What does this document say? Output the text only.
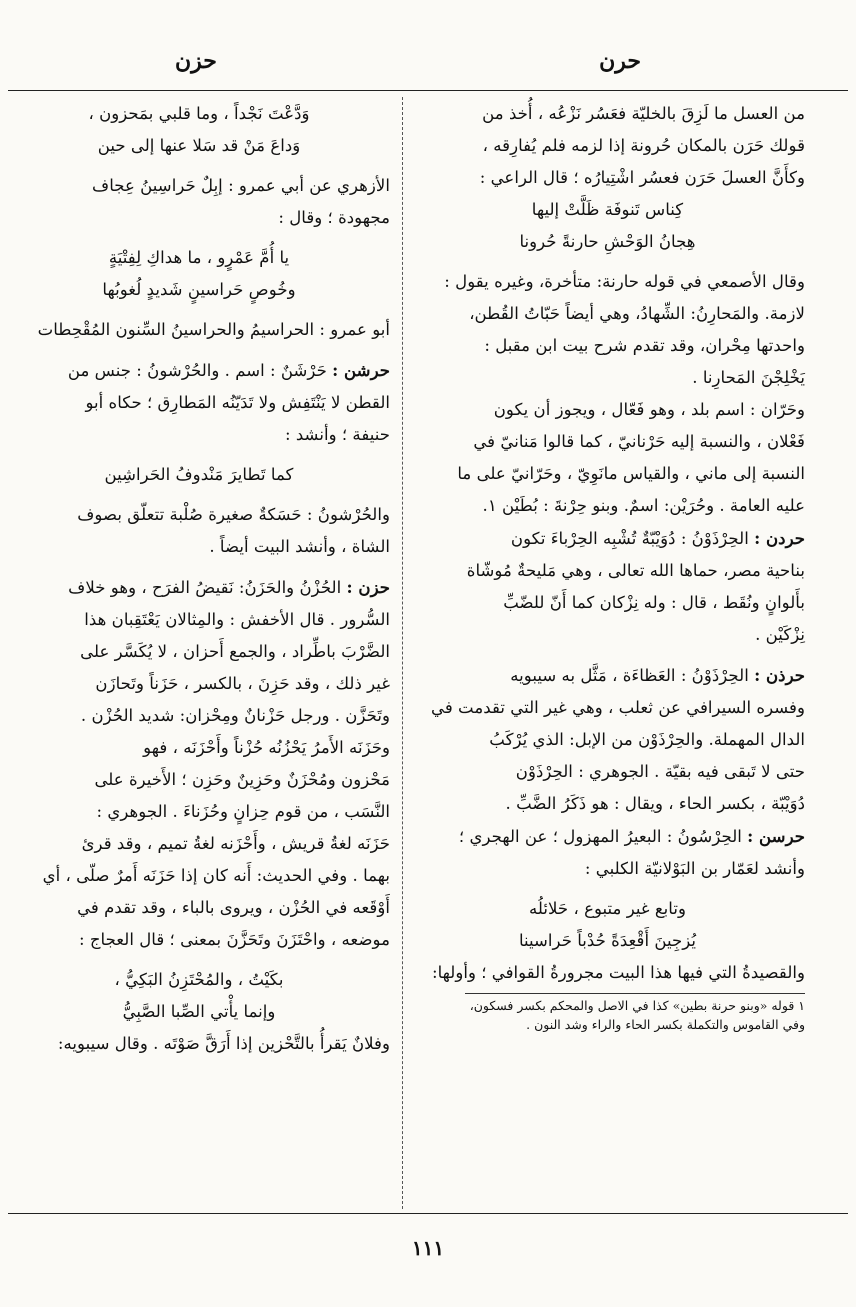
حرن
حزن

من العسل ما لَزِقَ بالخليّة فعَسُر نَزْعُه ، أُخذ من

قولك حَرَن بالمكان حُرونة إذا لزمه فلم يُفارِقه ،

وكأَنَّ العسلَ حَرَن فعسُر اشْتِيارُه ؛ قال الراعي :

كِناس تَنوفَة ظَلَّتْ إليها

هِجانُ الوَحْشِ حارنةً حُرونا

وقال الأصمعي في قوله حارنة: متأخرة، وغيره يقول :

لازمة. والمَحارِنُ: الشِّهادُ، وهي أيضاً حَبّاتُ القُطن،

واحدتها مِحْران، وقد تقدم شرح بيت ابن مقبل :

يَخْلِجْنَ المَحارِنا .

وحَرّان : اسم بلد ، وهو فَعّال ، ويجوز أن يكون

فَعْلان ، والنسبة إليه حَرْنانيّ ، كما قالوا مَنانيّ في

النسبة إلى ماني ، والقياس مانَوِيّ ، وحَرّانيّ على ما

عليه العامة . وحُرَيْن: اسمٌ. وبنو حِرْنةَ : بُطَيْن ١.

حردن : الحِرْذَوْنُ : دُوَيْبّةٌ تُشْبِه الحِرْباءَ تكون

بناحية مصر، حماها الله تعالى ، وهي مَليحةٌ مُوشّاة

بأَلوانٍ ونُقَط ، قال : وله نِزْكان كما أَنّ للضّبِّ

نِزْكَيْن .

حرذن : الحِرْذَوْنُ : العَظاءَة ، مَثَّل به سيبويه

وفسره السيرافي عن ثعلب ، وهي غير التي تقدمت في

الدال المهملة. والحِرْذَوْن من الإبل: الذي يُرْكَبُ

حتى لا تَبقى فيه بقيّة . الجوهري : الحِرْذَوْن

دُوَيْبّة ، بكسر الحاء ، ويقال : هو ذَكَرُ الضَّبِّ .

حرسن : الحِرْسُونُ : البعيرُ المهزول ؛ عن الهجري ؛

وأنشد لعَمّار بن البَوْلانيّة الكلبي :

وتابع غير متبوع ، حَلائلُه

يُزجِينَ أَقْعِدَةً حُدْباً حَراسينا

والقصيدةُ التي فيها هذا البيت مجرورةُ القوافي ؛ وأولها:

١ قوله «وبنو حرنة بطين» كذا في الاصل والمحكم بكسر فسكون،

وفي القاموس والتكملة بكسر الحاء والراء وشد النون .

وَدَّعْتَ نَجْداً ، وما قلبي بمَحزون ،

وَداعَ مَنْ قد سَلا عنها إلى حين

الأزهري عن أبي عمرو : إبِلٌ حَراسِينُ عِجاف

مجهودة ؛ وقال :

يا أُمَّ عَمْرٍو ، ما هداكِ لِفِتْيَةٍ

وخُوصٍ حَراسينٍ شَديدٍ لُغوبُها

أبو عمرو : الحراسيمُ والحراسينُ السِّنون المُقْحِطات

حرشن : حَرْشَنٌ : اسم . والحُرْشونُ : جنس من

القطن لا يَنْتَفِش ولا تَدَيّنُه المَطارِق ؛ حكاه أبو

حنيفة ؛ وأنشد :

كما تَطايرَ مَنْدوفُ الحَراشِين

والحُرْشونُ : حَسَكةٌ صغيرة صُلْبة تتعلّق بصوف

الشاة ، وأنشد البيت أيضاً .

حزن : الحُزْنُ والحَزَنُ: نَقيضُ الفرَح ، وهو خلاف

السُّرور . قال الأخفش : والمِثالان يَعْتَقِبان هذا

الضَّرْبَ باطِّراد ، والجمع أَحزان ، لا يُكَسَّر على

غير ذلك ، وقد حَزِنَ ، بالكسر ، حَزَناً وتَحازَن

وتَحَزَّن . ورجل حَزْنانٌ ومِحْزان: شديد الحُزْن .

وحَزَنَه الأَمرُ يَحْزُنُه حُزْناً وأَحْزَنَه ، فهو

مَحْزون ومُحْزَنٌ وحَزِينٌ وحَزِن ؛ الأَخيرة على

النَّسَب ، من قوم حِزانٍ وحُزَناءَ . الجوهري :

حَزَنَه لغةُ قريش ، وأَحْزَنه لغةُ تميم ، وقد قرئ

بهما . وفي الحديث: أَنه كان إذا حَزَنَه أَمرٌ صلّى ، أي

أَوْقَعه في الحُزْن ، ويروى بالباء ، وقد تقدم في

موضعه ، واحْتَزَنَ وتَحَزَّنَ بمعنى ؛ قال العجاج :

بكَيْتُ ، والمُحْتَزِنُ البَكِيُّ ،

وإنما يأْتي الصِّبا الصَّبِيُّ

وفلانٌ يَقرأُ بالتَّحْزين إذا أَرَقَّ صَوْتَه . وقال سيبويه:

١١١
